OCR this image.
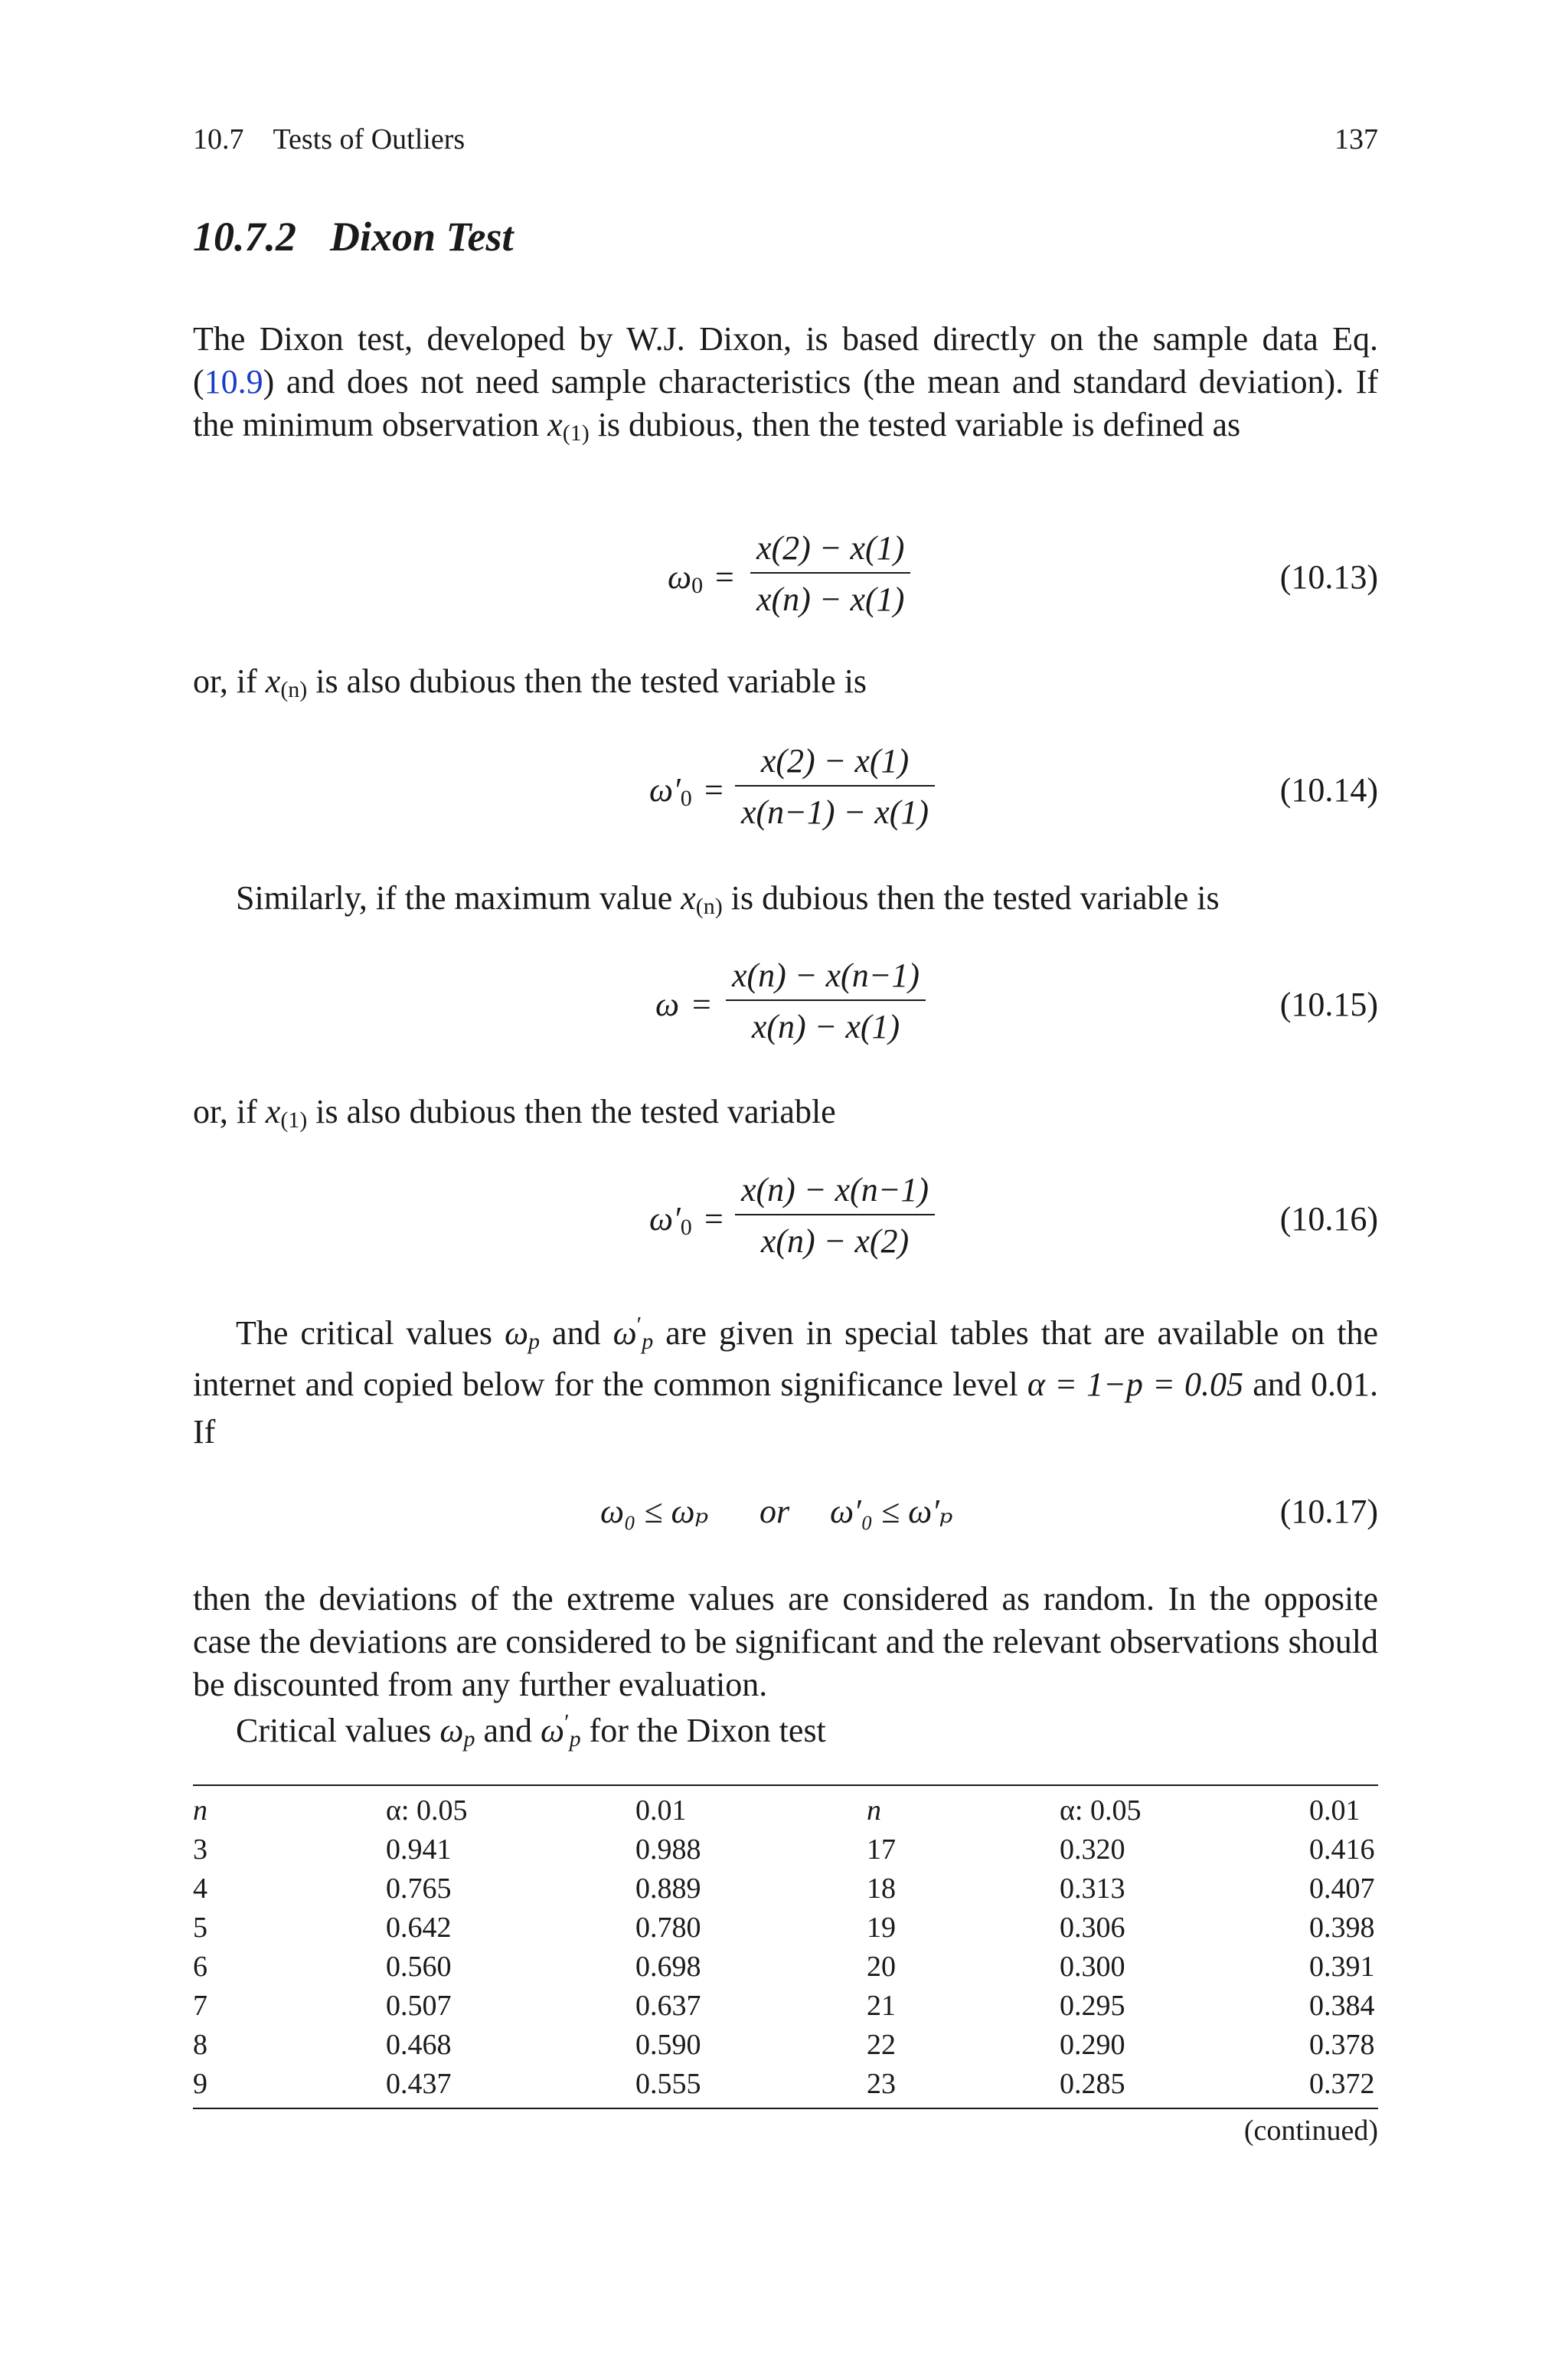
10.7 Tests of Outliers	137
10.7.2 Dixon Test
The Dixon test, developed by W.J. Dixon, is based directly on the sample data Eq. (10.9) and does not need sample characteristics (the mean and standard deviation). If the minimum observation x(1) is dubious, then the tested variable is defined as
ω0 =
x(2) − x(1)
x(n) − x(1)
(10.13)
or, if x(n) is also dubious then the tested variable is
ω′0 =
x(2) − x(1)
x(n−1) − x(1)
(10.14)
Similarly, if the maximum value x(n) is dubious then the tested variable is
ω =
x(n) − x(n−1)
x(n) − x(1)
(10.15)
or, if x(1) is also dubious then the tested variable
ω′0 =
x(n) − x(n−1)
x(n) − x(2)
(10.16)
The critical values ωp and ω′p are given in special tables that are available on the internet and copied below for the common significance level α = 1−p = 0.05 and 0.01. If
ω₀ ≤ ωₚ or ω′₀ ≤ ω′ₚ	(10.17)
then the deviations of the extreme values are considered as random. In the opposite case the deviations are considered to be significant and the relevant observations should be discounted from any further evaluation.
Critical values ωp and ω′p for the Dixon test
n	α: 0.05	0.01	n	α: 0.05	0.01
3	0.941	0.988	17	0.320	0.416
4	0.765	0.889	18	0.313	0.407
5	0.642	0.780	19	0.306	0.398
6	0.560	0.698	20	0.300	0.391
7	0.507	0.637	21	0.295	0.384
8	0.468	0.590	22	0.290	0.378
9	0.437	0.555	23	0.285	0.372
(continued)
